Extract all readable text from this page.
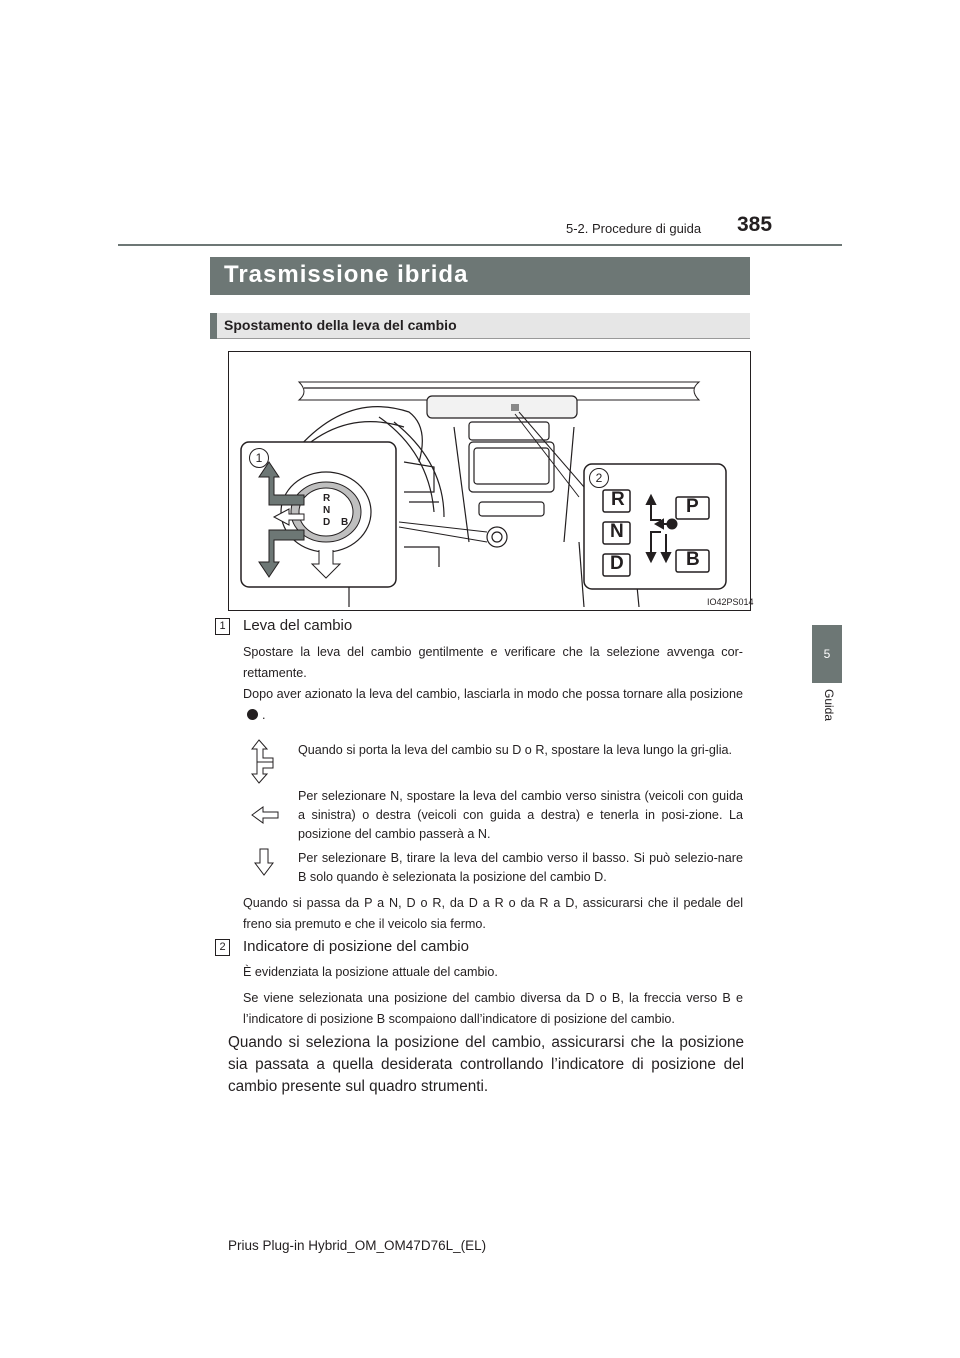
5-2. Procedure di guida 385
5
Guida
Trasmissione ibrida
Spostamento della leva del cambio
R
N
D B
R
N
D
P
B
1
2
IO42PS014
1 Leva del cambio
Spostare la leva del cambio gentilmente e verificare che la selezione avvenga cor-rettamente.
Dopo aver azionato la leva del cambio, lasciarla in modo che possa tornare alla posizione.
Quando si porta la leva del cambio su D o R, spostare la leva lungo la gri-glia.
Per selezionare N, spostare la leva del cambio verso sinistra (veicoli con guida a sinistra) o destra (veicoli con guida a destra) e tenerla in posi-zione. La posizione del cambio passerà a N.
Per selezionare B, tirare la leva del cambio verso il basso. Si può selezio-nare B solo quando è selezionata la posizione del cambio D.
Quando si passa da P a N, D o R, da D a R o da R a D, assicurarsi che il pedale del freno sia premuto e che il veicolo sia fermo.
2 Indicatore di posizione del cambio
È evidenziata la posizione attuale del cambio.
Se viene selezionata una posizione del cambio diversa da D o B, la freccia verso B e l’indicatore di posizione B scompaiono dall’indicatore di posizione del cambio.
Quando si seleziona la posizione del cambio, assicurarsi che la posizione sia passata a quella desiderata controllando l’indicatore di posizione del cambio presente sul quadro strumenti.
Prius Plug-in Hybrid_OM_OM47D76L_(EL)
